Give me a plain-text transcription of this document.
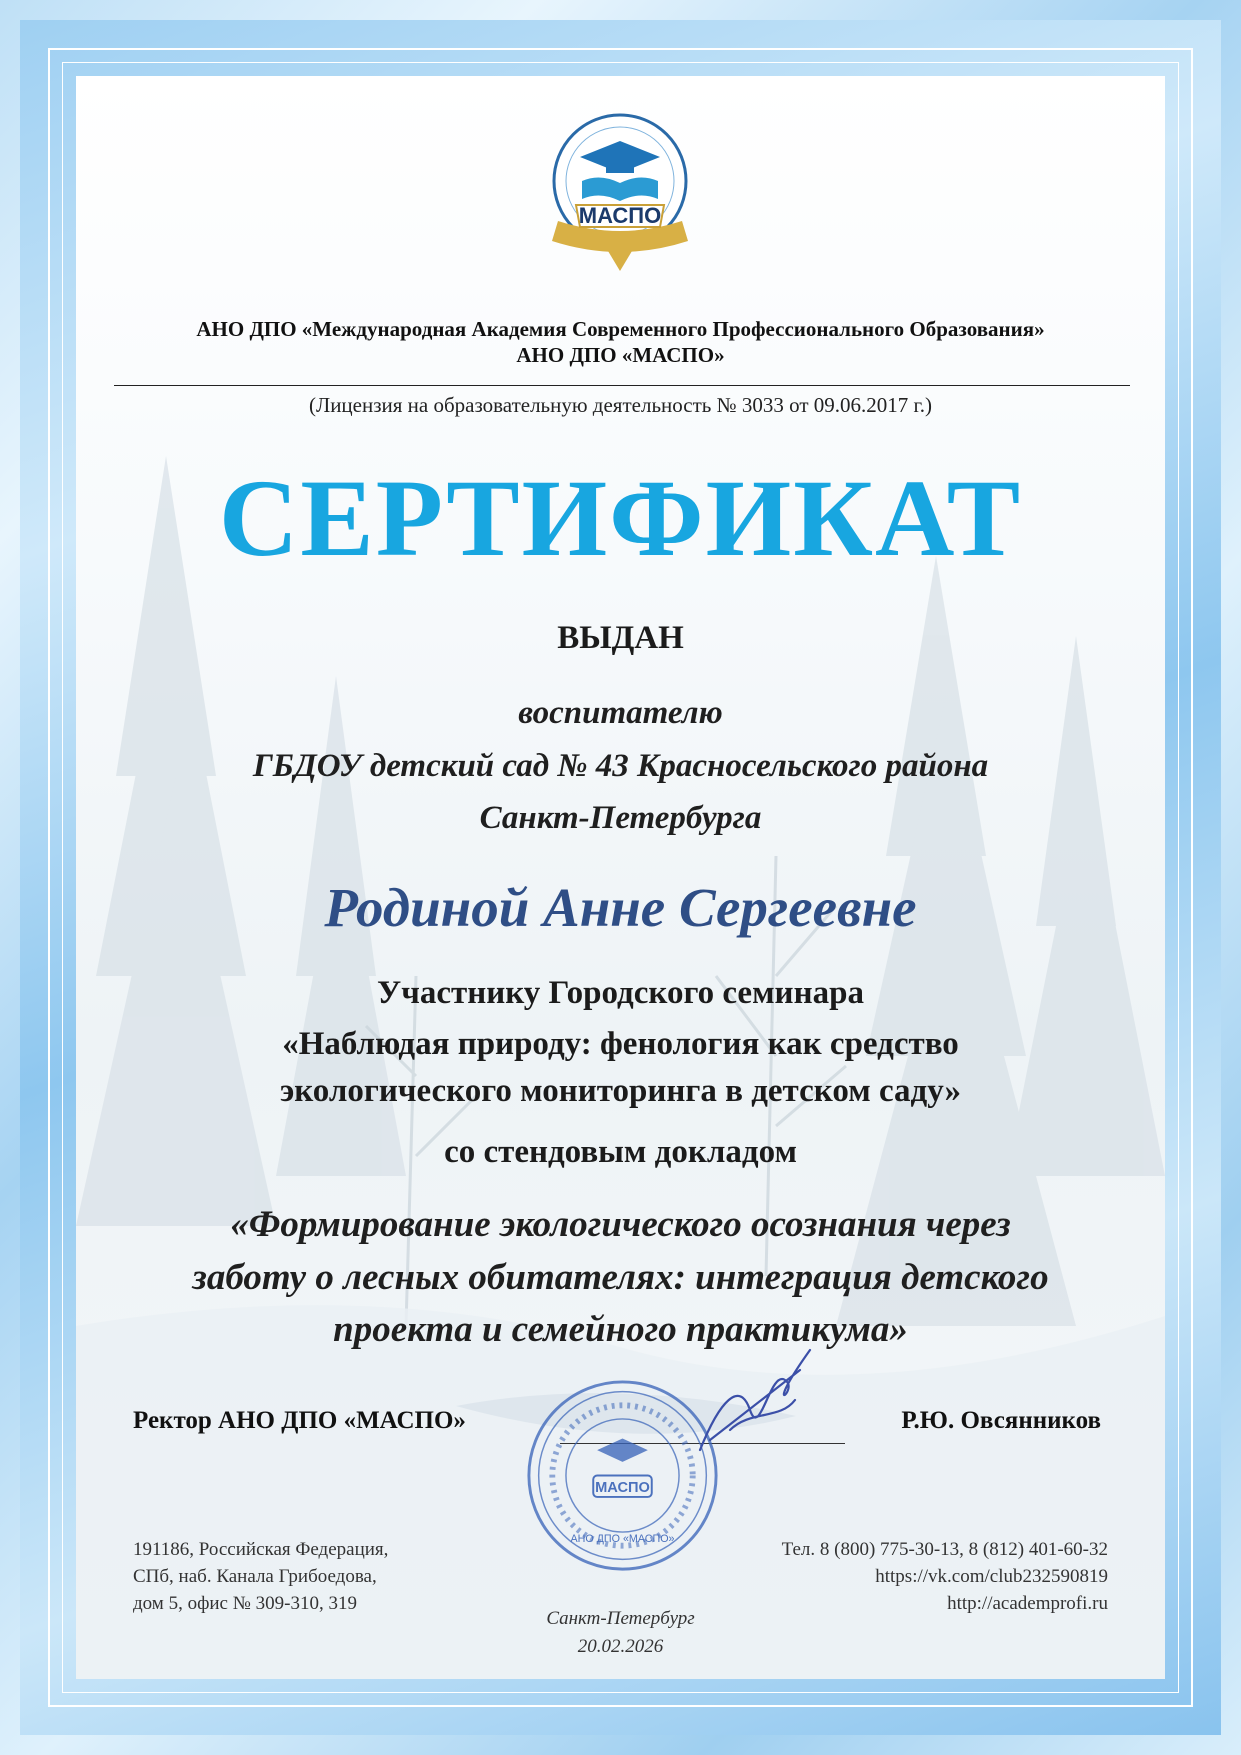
МАСПО
АНО ДПО «Международная Академия Современного Профессионального Образования»
АНО ДПО «МАСПО»
(Лицензия на образовательную деятельность № 3033 от 09.06.2017 г.)
СЕРТИФИКАТ
ВЫДАН
воспитателю
ГБДОУ детский сад № 43 Красносельского района
Санкт-Петербурга
Родиной Анне Сергеевне
Участнику Городского семинара
«Наблюдая природу: фенология как средство
экологического мониторинга в детском саду»
со стендовым докладом
«Формирование экологического осознания через
заботу о лесных обитателях: интеграция детского
проекта и семейного практикума»
Ректор АНО ДПО «МАСПО»	Р.Ю. Овсянников
МАСПО
АНО ДПО «МАСПО»
191186, Российская Федерация,
СПб, наб. Канала Грибоедова,
дом 5, офис № 309-310, 319
Тел. 8 (800) 775-30-13, 8 (812) 401-60-32
https://vk.com/club232590819
http://academprofi.ru
Санкт-Петербург
20.02.2026
